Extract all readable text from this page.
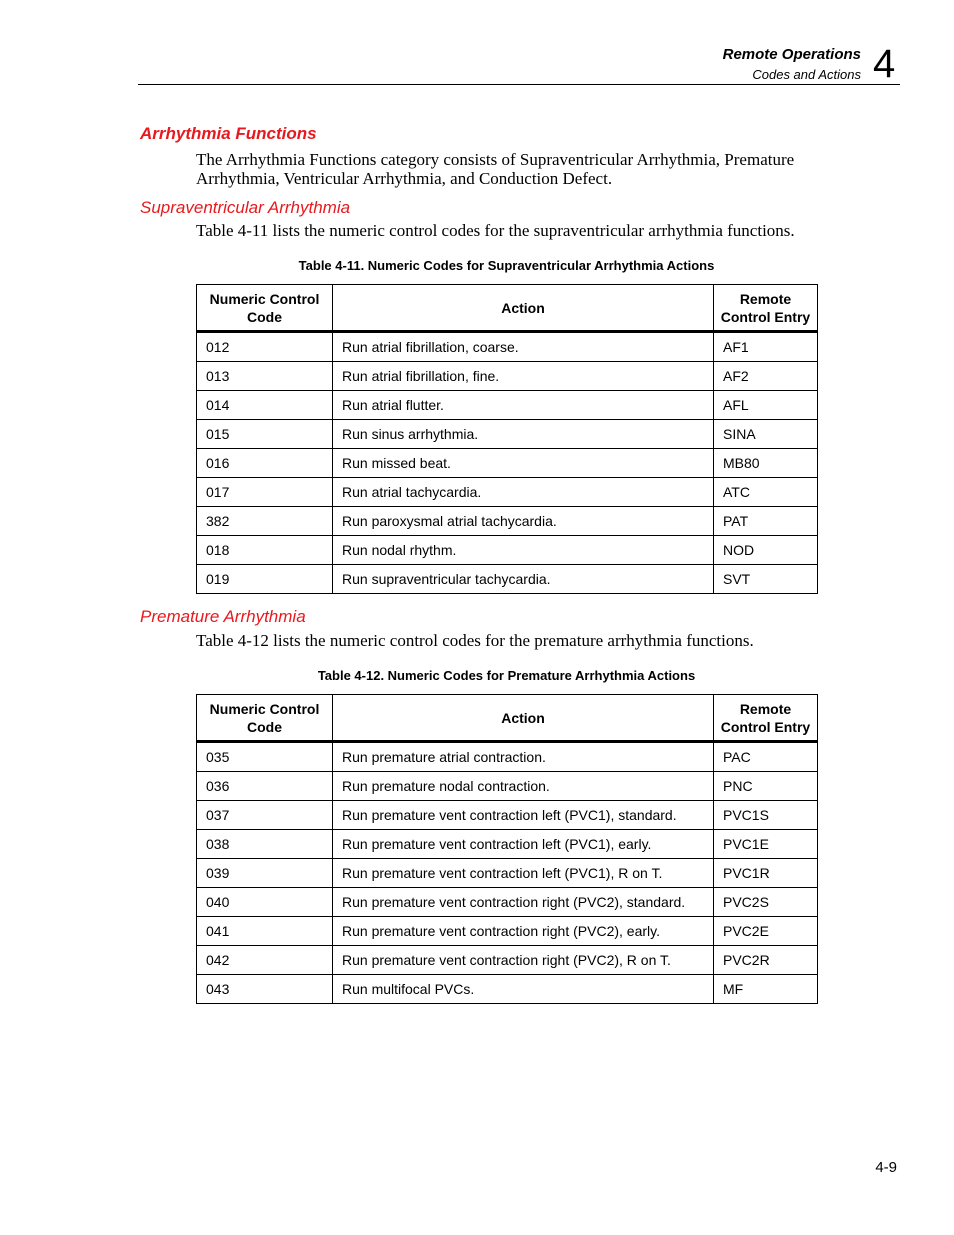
Remote Operations
Codes and Actions 4
Arrhythmia Functions
The Arrhythmia Functions category consists of Supraventricular Arrhythmia, Premature Arrhythmia, Ventricular Arrhythmia, and Conduction Defect.
Supraventricular Arrhythmia
Table 4-11 lists the numeric control codes for the supraventricular arrhythmia functions.
Table 4-11. Numeric Codes for Supraventricular Arrhythmia Actions
Numeric Control Code	Action	Remote Control Entry
012	Run atrial fibrillation, coarse.	AF1
013	Run atrial fibrillation, fine.	AF2
014	Run atrial flutter.	AFL
015	Run sinus arrhythmia.	SINA
016	Run missed beat.	MB80
017	Run atrial tachycardia.	ATC
382	Run paroxysmal atrial tachycardia.	PAT
018	Run nodal rhythm.	NOD
019	Run supraventricular tachycardia.	SVT
Premature Arrhythmia
Table 4-12 lists the numeric control codes for the premature arrhythmia functions.
Table 4-12. Numeric Codes for Premature Arrhythmia Actions
Numeric Control Code	Action	Remote Control Entry
035	Run premature atrial contraction.	PAC
036	Run premature nodal contraction.	PNC
037	Run premature vent contraction left (PVC1), standard.	PVC1S
038	Run premature vent contraction left (PVC1), early.	PVC1E
039	Run premature vent contraction left (PVC1), R on T.	PVC1R
040	Run premature vent contraction right (PVC2), standard.	PVC2S
041	Run premature vent contraction right (PVC2), early.	PVC2E
042	Run premature vent contraction right (PVC2), R on T.	PVC2R
043	Run multifocal PVCs.	MF
4-9
